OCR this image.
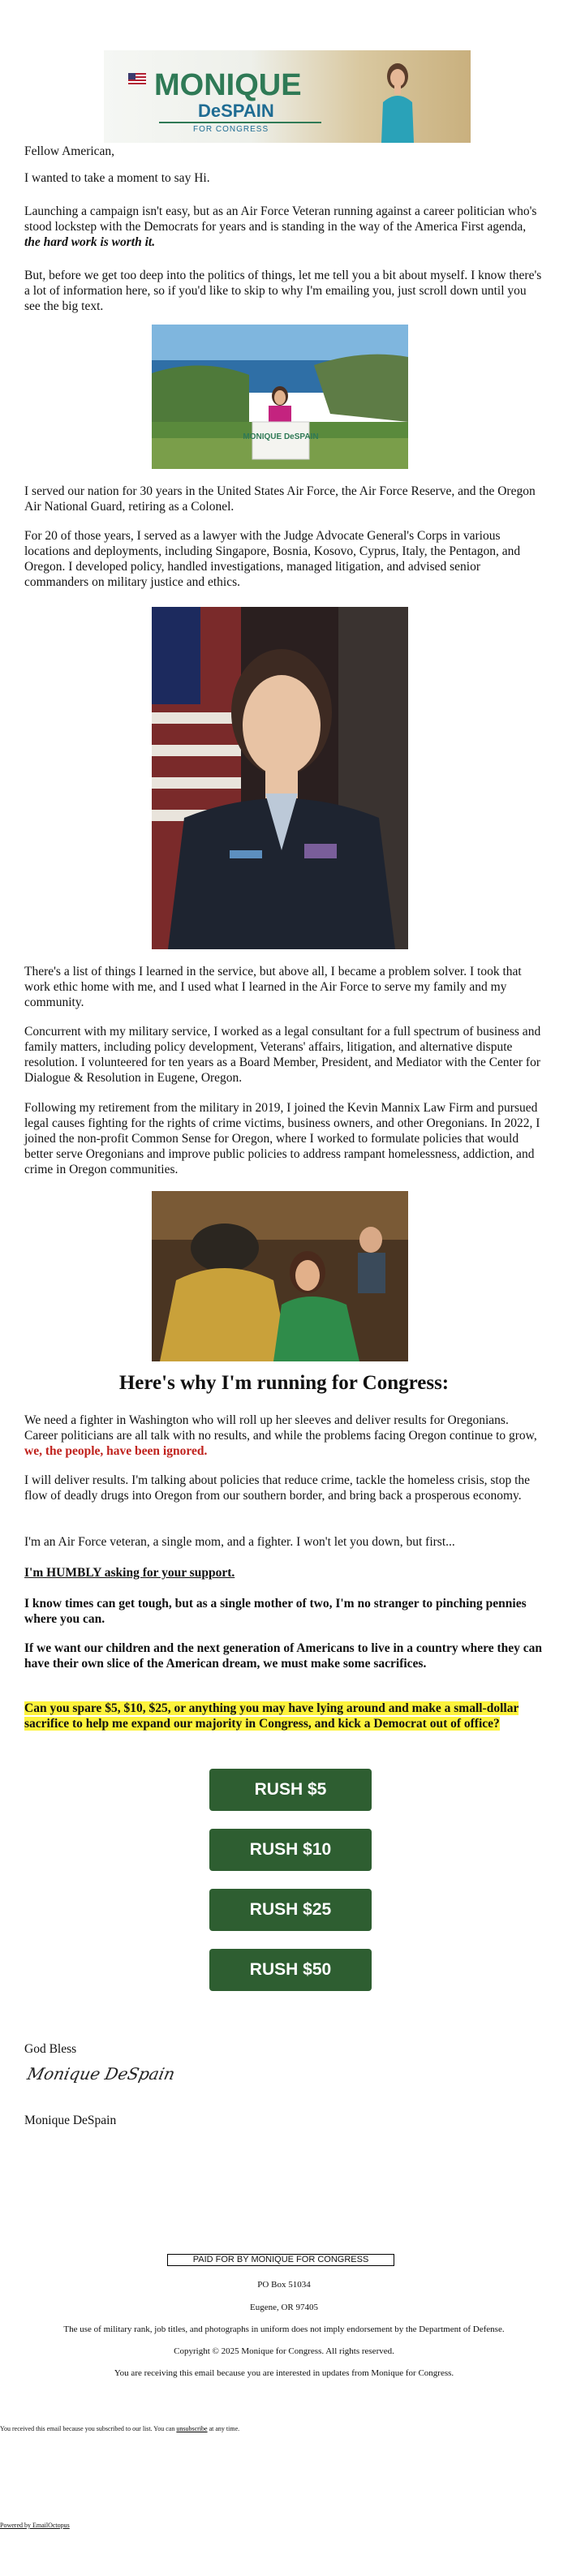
MONIQUE
DeSPAIN
FOR CONGRESS

Fellow American,

I wanted to take a moment to say Hi.

Launching a campaign isn't easy, but as an Air Force Veteran running against a career politician who's stood lockstep with the Democrats for years and is standing in the way of the America First agenda, the hard work is worth it.

But, before we get too deep into the politics of things, let me tell you a bit about myself. I know there's a lot of information here, so if you'd like to skip to why I'm emailing you, just scroll down until you see the big text.

MONIQUE DeSPAIN

I served our nation for 30 years in the United States Air Force, the Air Force Reserve, and the Oregon Air National Guard, retiring as a Colonel.

For 20 of those years, I served as a lawyer with the Judge Advocate General's Corps in various locations and deployments, including Singapore, Bosnia, Kosovo, Cyprus, Italy, the Pentagon, and Oregon. I developed policy, handled investigations, managed litigation, and advised senior commanders on military justice and ethics.

There's a list of things I learned in the service, but above all, I became a problem solver. I took that work ethic home with me, and I used what I learned in the Air Force to serve my family and my community.

Concurrent with my military service, I worked as a legal consultant for a full spectrum of business and family matters, including policy development, Veterans' affairs, litigation, and alternative dispute resolution. I volunteered for ten years as a Board Member, President, and Mediator with the Center for Dialogue & Resolution in Eugene, Oregon.

Following my retirement from the military in 2019, I joined the Kevin Mannix Law Firm and pursued legal causes fighting for the rights of crime victims, business owners, and other Oregonians. In 2022, I joined the non-profit Common Sense for Oregon, where I worked to formulate policies that would better serve Oregonians and improve public policies to address rampant homelessness, addiction, and crime in Oregon communities.

Here's why I'm running for Congress:

We need a fighter in Washington who will roll up her sleeves and deliver results for Oregonians. Career politicians are all talk with no results, and while the problems facing Oregon continue to grow, we, the people, have been ignored.

I will deliver results. I'm talking about policies that reduce crime, tackle the homeless crisis, stop the flow of deadly drugs into Oregon from our southern border, and bring back a prosperous economy.

I'm an Air Force veteran, a single mom, and a fighter. I won't let you down, but first...

I'm HUMBLY asking for your support.

I know times can get tough, but as a single mother of two, I'm no stranger to pinching pennies where you can.

If we want our children and the next generation of Americans to live in a country where they can have their own slice of the American dream, we must make some sacrifices.

Can you spare $5, $10, $25, or anything you may have lying around and make a small-dollar sacrifice to help me expand our majority in Congress, and kick a Democrat out of office?

RUSH $5
RUSH $10
RUSH $25
RUSH $50

God Bless

Monique DeSpain

Monique DeSpain

PAID FOR BY MONIQUE FOR CONGRESS
PO Box 51034
Eugene, OR 97405
The use of military rank, job titles, and photographs in uniform does not imply endorsement by the Department of Defense.
Copyright © 2025 Monique for Congress. All rights reserved.
You are receiving this email because you are interested in updates from Monique for Congress.
You received this email because you subscribed to our list. You can unsubscribe at any time.
Powered by EmailOctopus
